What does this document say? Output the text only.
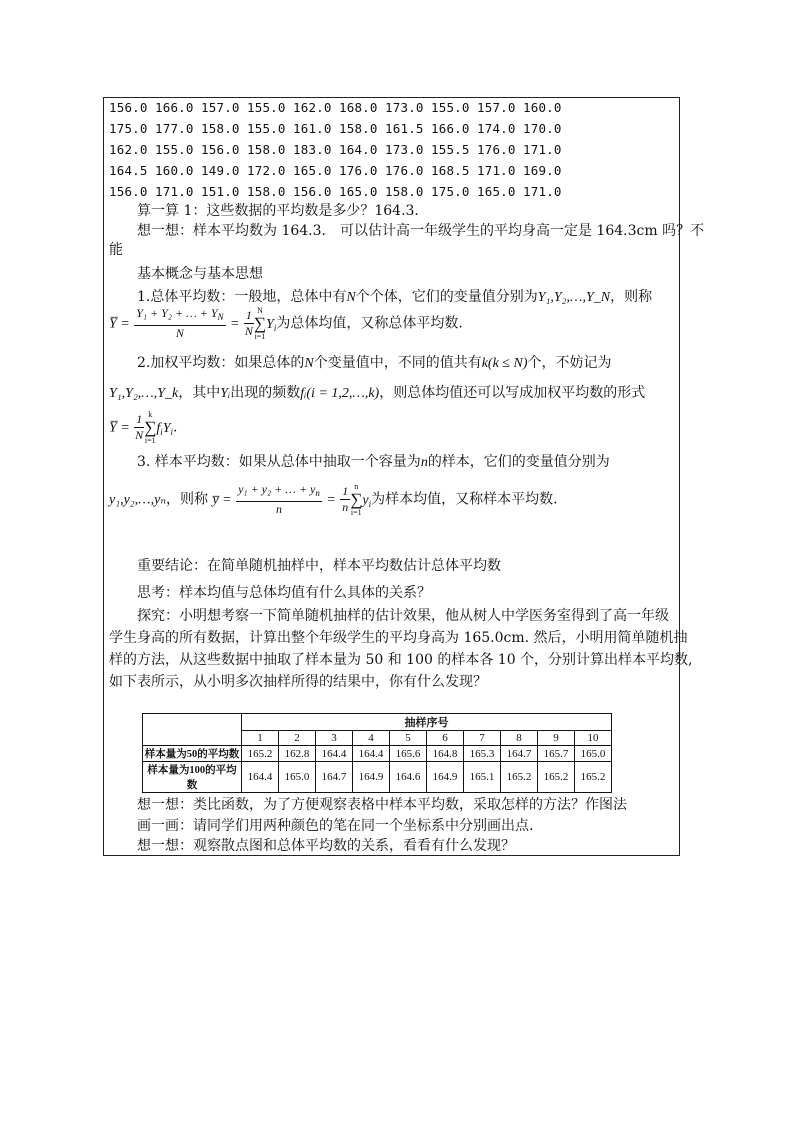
156.0 166.0 157.0 155.0 162.0 168.0 173.0 155.0 157.0 160.0
175.0 177.0 158.0 155.0 161.0 158.0 161.5 166.0 174.0 170.0
162.0 155.0 156.0 158.0 183.0 164.0 173.0 155.5 176.0 171.0
164.5 160.0 149.0 172.0 165.0 176.0 176.0 168.5 171.0 169.0
156.0 171.0 151.0 158.0 156.0 165.0 158.0 175.0 165.0 171.0
算一算 1：这些数据的平均数是多少？164.3.
想一想：样本平均数为 164.3． 可以估计高一年级学生的平均身高一定是 164.3cm 吗？不
能
基本概念与基本思想
1.总体平均数：一般地，总体中有N个个体，它们的变量值分别为Y₁,Y₂,…,Y_N，则称
Y̅ = $\frac{Y_1 + Y_2 + \dots + Y_N}{N} = \frac{1}{N}$ N
∑
$i=1Y_i$为总体均值，又称总体平均数.
2.加权平均数：如果总体的N个变量值中，不同的值共有k(k ≤ N)个，不妨记为
Y₁,Y₂,…,Y_k，其中Yᵢ出现的频数fᵢ(i = 1,2,…,k)，则总体均值还可以写成加权平均数的形式
Y̅ = $\frac{1}{N}$ k
∑
$i=1f_iY_i$.
3. 样本平均数：如果从总体中抽取一个容量为n的样本，它们的变量值分别为
y₁,y₂,…,yₙ，则称 y̅ = $\frac{y_1 + y_2 + \dots + y_n}{n} = \frac{1}{n}$ n
∑
$i=1y_i$为样本均值，又称样本平均数.
重要结论：在简单随机抽样中，样本平均数估计总体平均数
思考：样本均值与总体均值有什么具体的关系？
探究：小明想考察一下简单随机抽样的估计效果，他从树人中学医务室得到了高一年级
学生身高的所有数据，计算出整个年级学生的平均身高为 165.0cm. 然后，小明用简单随机抽
样的方法，从这些数据中抽取了样本量为 50 和 100 的样本各 10 个，分别计算出样本平均数,
如下表所示，从小明多次抽样所得的结果中，你有什么发现？
	抽样序号									
	1	2	3	4	5	6	7	8	9	10
样本量为50的平均数	165.2	162.8	164.4	164.4	165.6	164.8	165.3	164.7	165.7	165.0
样本量为100的平均数	164.4	165.0	164.7	164.9	164.6	164.9	165.1	165.2	165.2	165.2
想一想：类比函数，为了方便观察表格中样本平均数，采取怎样的方法？作图法
画一画：请同学们用两种颜色的笔在同一个坐标系中分别画出点.
想一想：观察散点图和总体平均数的关系，看看有什么发现？
